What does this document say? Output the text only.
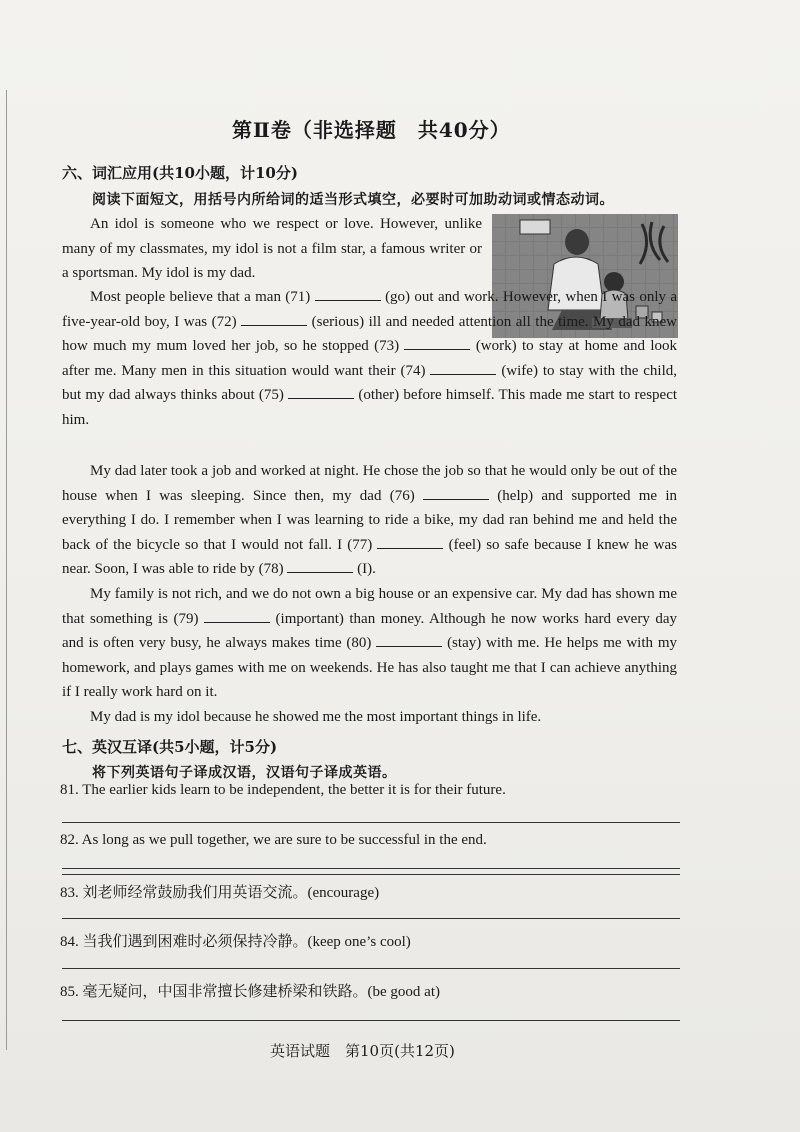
第Ⅱ卷（非选择题　共40分）
六、词汇应用(共10小题，计10分)
阅读下面短文，用括号内所给词的适当形式填空，必要时可加助动词或情态动词。
An idol is someone who we respect or love. However, unlike many of my classmates, my idol is not a film star, a famous writer or a sportsman. My idol is my dad.
Most people believe that a man (71)	(go) out and work. However, when I was only a five-year-old boy, I was (72)	(serious) ill and needed attention all the time. My dad knew how much my mum loved her job, so he stopped (73)	(work) to stay at home and look after me. Many men in this situation would want their (74)	(wife) to stay with the child, but my dad always thinks about (75)	(other) before himself. This made me start to respect him.
My dad later took a job and worked at night. He chose the job so that he would only be out of the house when I was sleeping. Since then, my dad (76)	(help) and supported me in everything I do. I remember when I was learning to ride a bike, my dad ran behind me and held the back of the bicycle so that I would not fall. I (77)	(feel) so safe because I knew he was near. Soon, I was able to ride by (78)	(I).
My family is not rich, and we do not own a big house or an expensive car. My dad has shown me that something is (79)	(important) than money. Although he now works hard every day and is often very busy, he always makes time (80)	(stay) with me. He helps me with my homework, and plays games with me on weekends. He has also taught me that I can achieve anything if I really work hard on it.
My dad is my idol because he showed me the most important things in life.
七、英汉互译(共5小题，计5分)
将下列英语句子译成汉语，汉语句子译成英语。
81. The earlier kids learn to be independent, the better it is for their future.
82. As long as we pull together, we are sure to be successful in the end.
83. 刘老师经常鼓励我们用英语交流。(encourage)
84. 当我们遇到困难时必须保持冷静。(keep one’s cool)
85. 毫无疑问，中国非常擅长修建桥梁和铁路。(be good at)
英语试题　第10页(共12页)
